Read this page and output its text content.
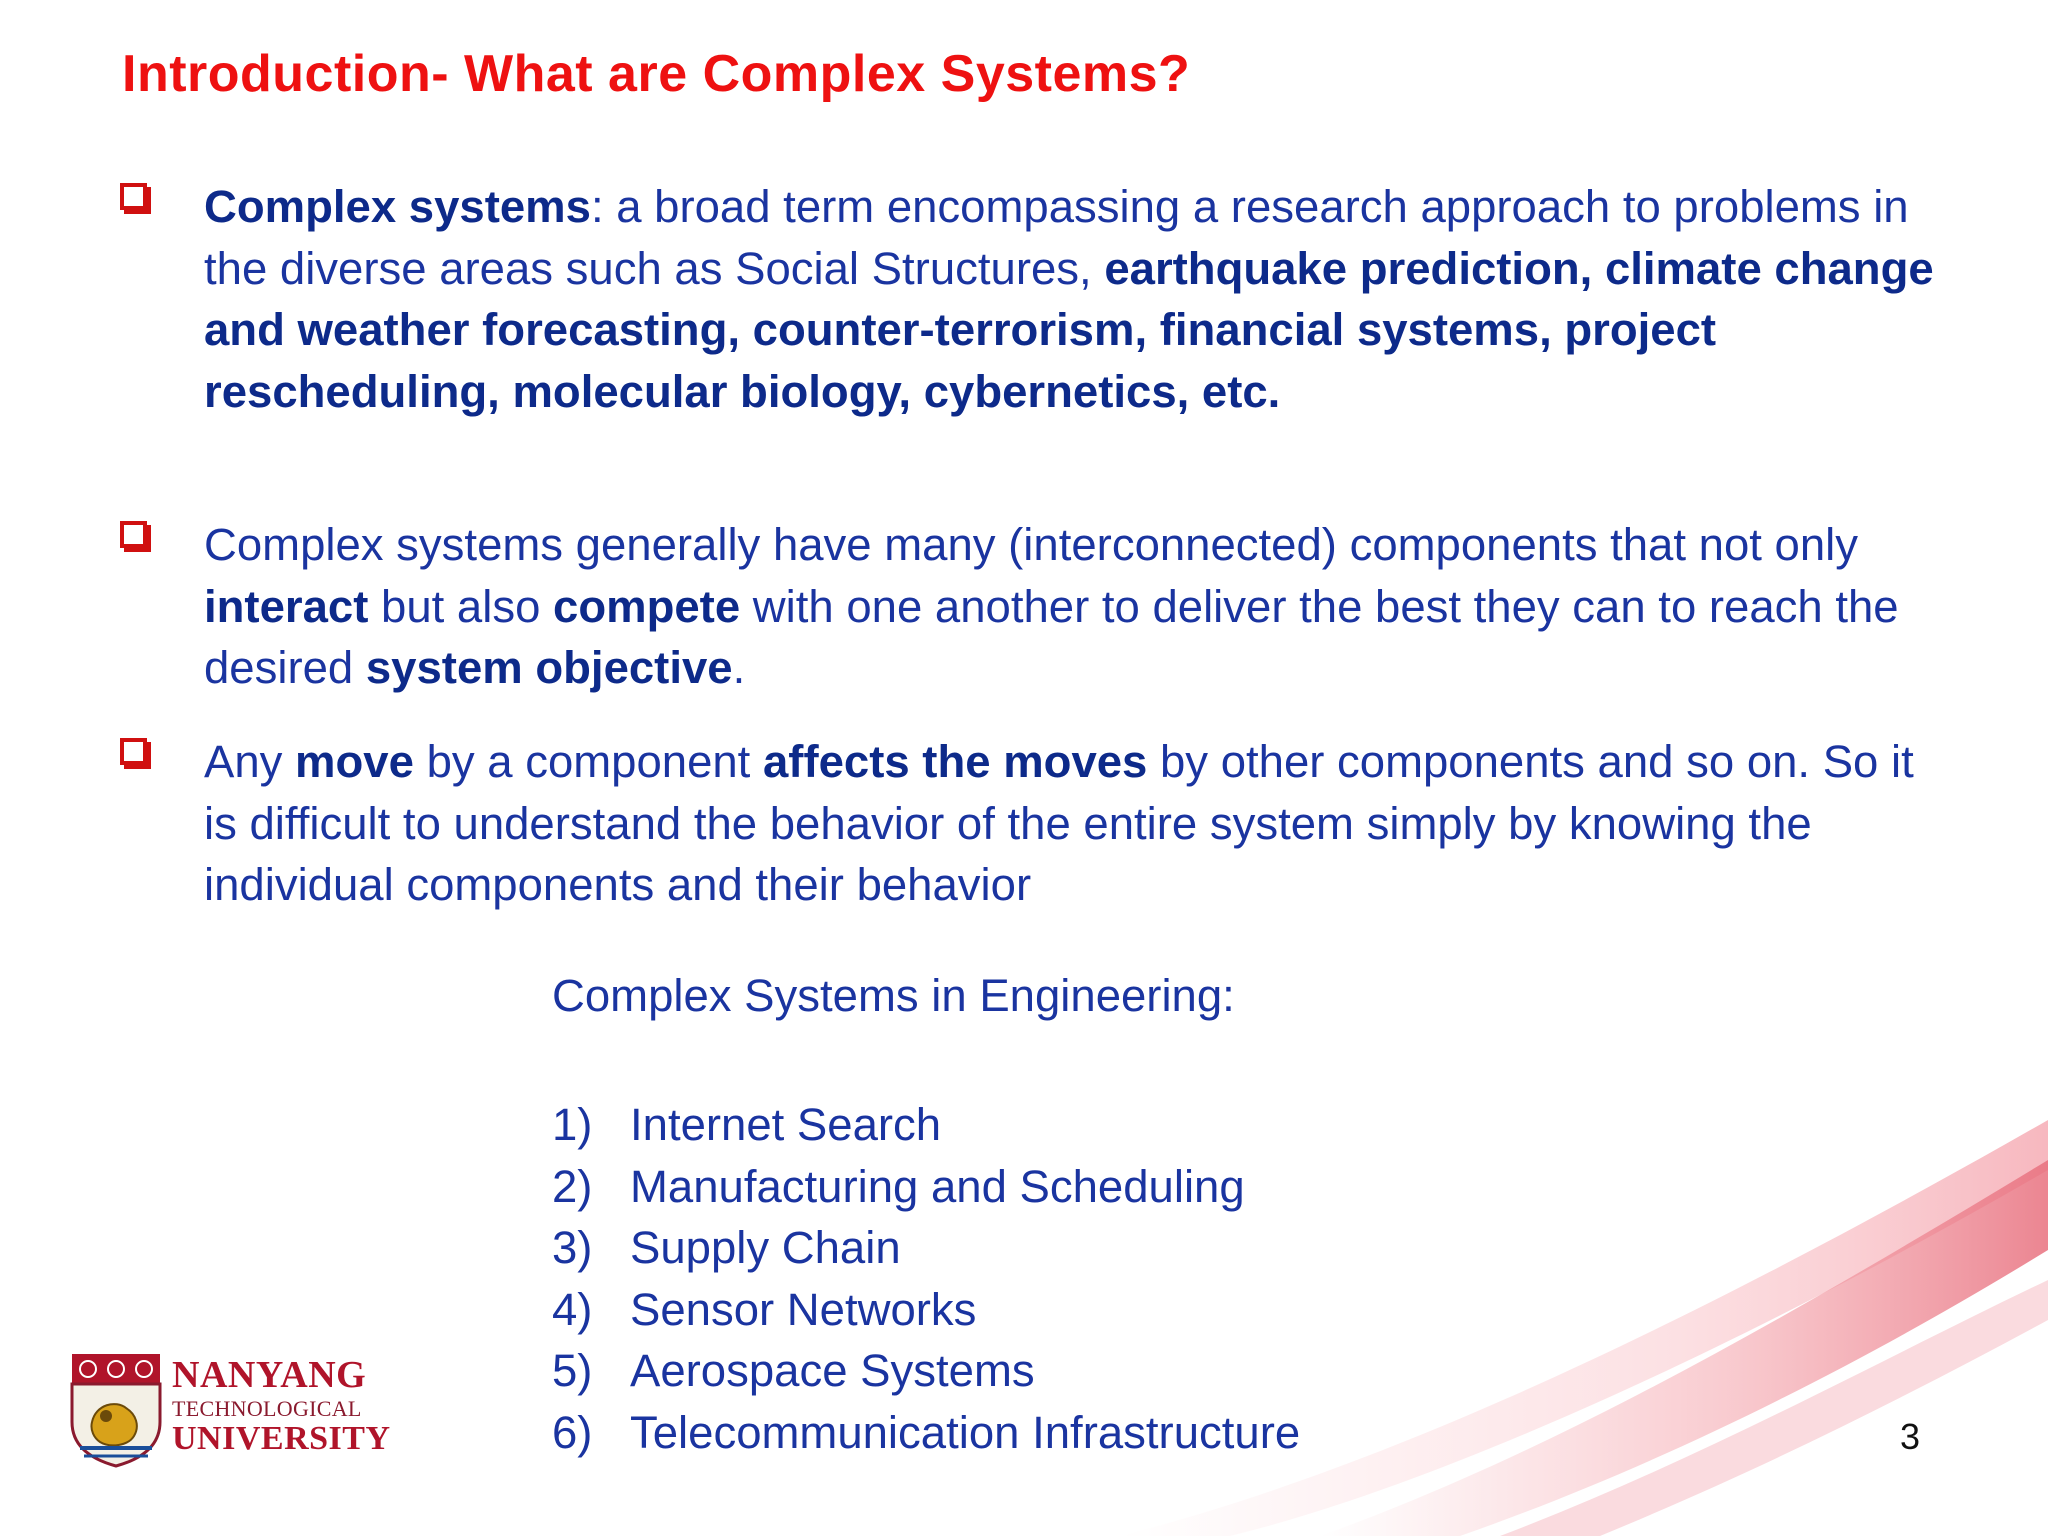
Introduction- What are Complex Systems?
Complex systems: a broad term encompassing a research approach to problems in the diverse areas such as Social Structures, earthquake prediction, climate change and weather forecasting, counter-terrorism, financial systems, project rescheduling, molecular biology, cybernetics, etc.
Complex systems generally have many (interconnected) components that not only interact but also compete with one another to deliver the best they can to reach the desired system objective.
Any move by a component affects the moves by other components and so on. So it is difficult to understand the behavior of the entire system simply by knowing the individual components and their behavior
Complex Systems in Engineering:
1) Internet Search
2) Manufacturing and Scheduling
3) Supply Chain
4) Sensor Networks
5) Aerospace Systems
6) Telecommunication Infrastructure
NANYANG
TECHNOLOGICAL
UNIVERSITY	3
